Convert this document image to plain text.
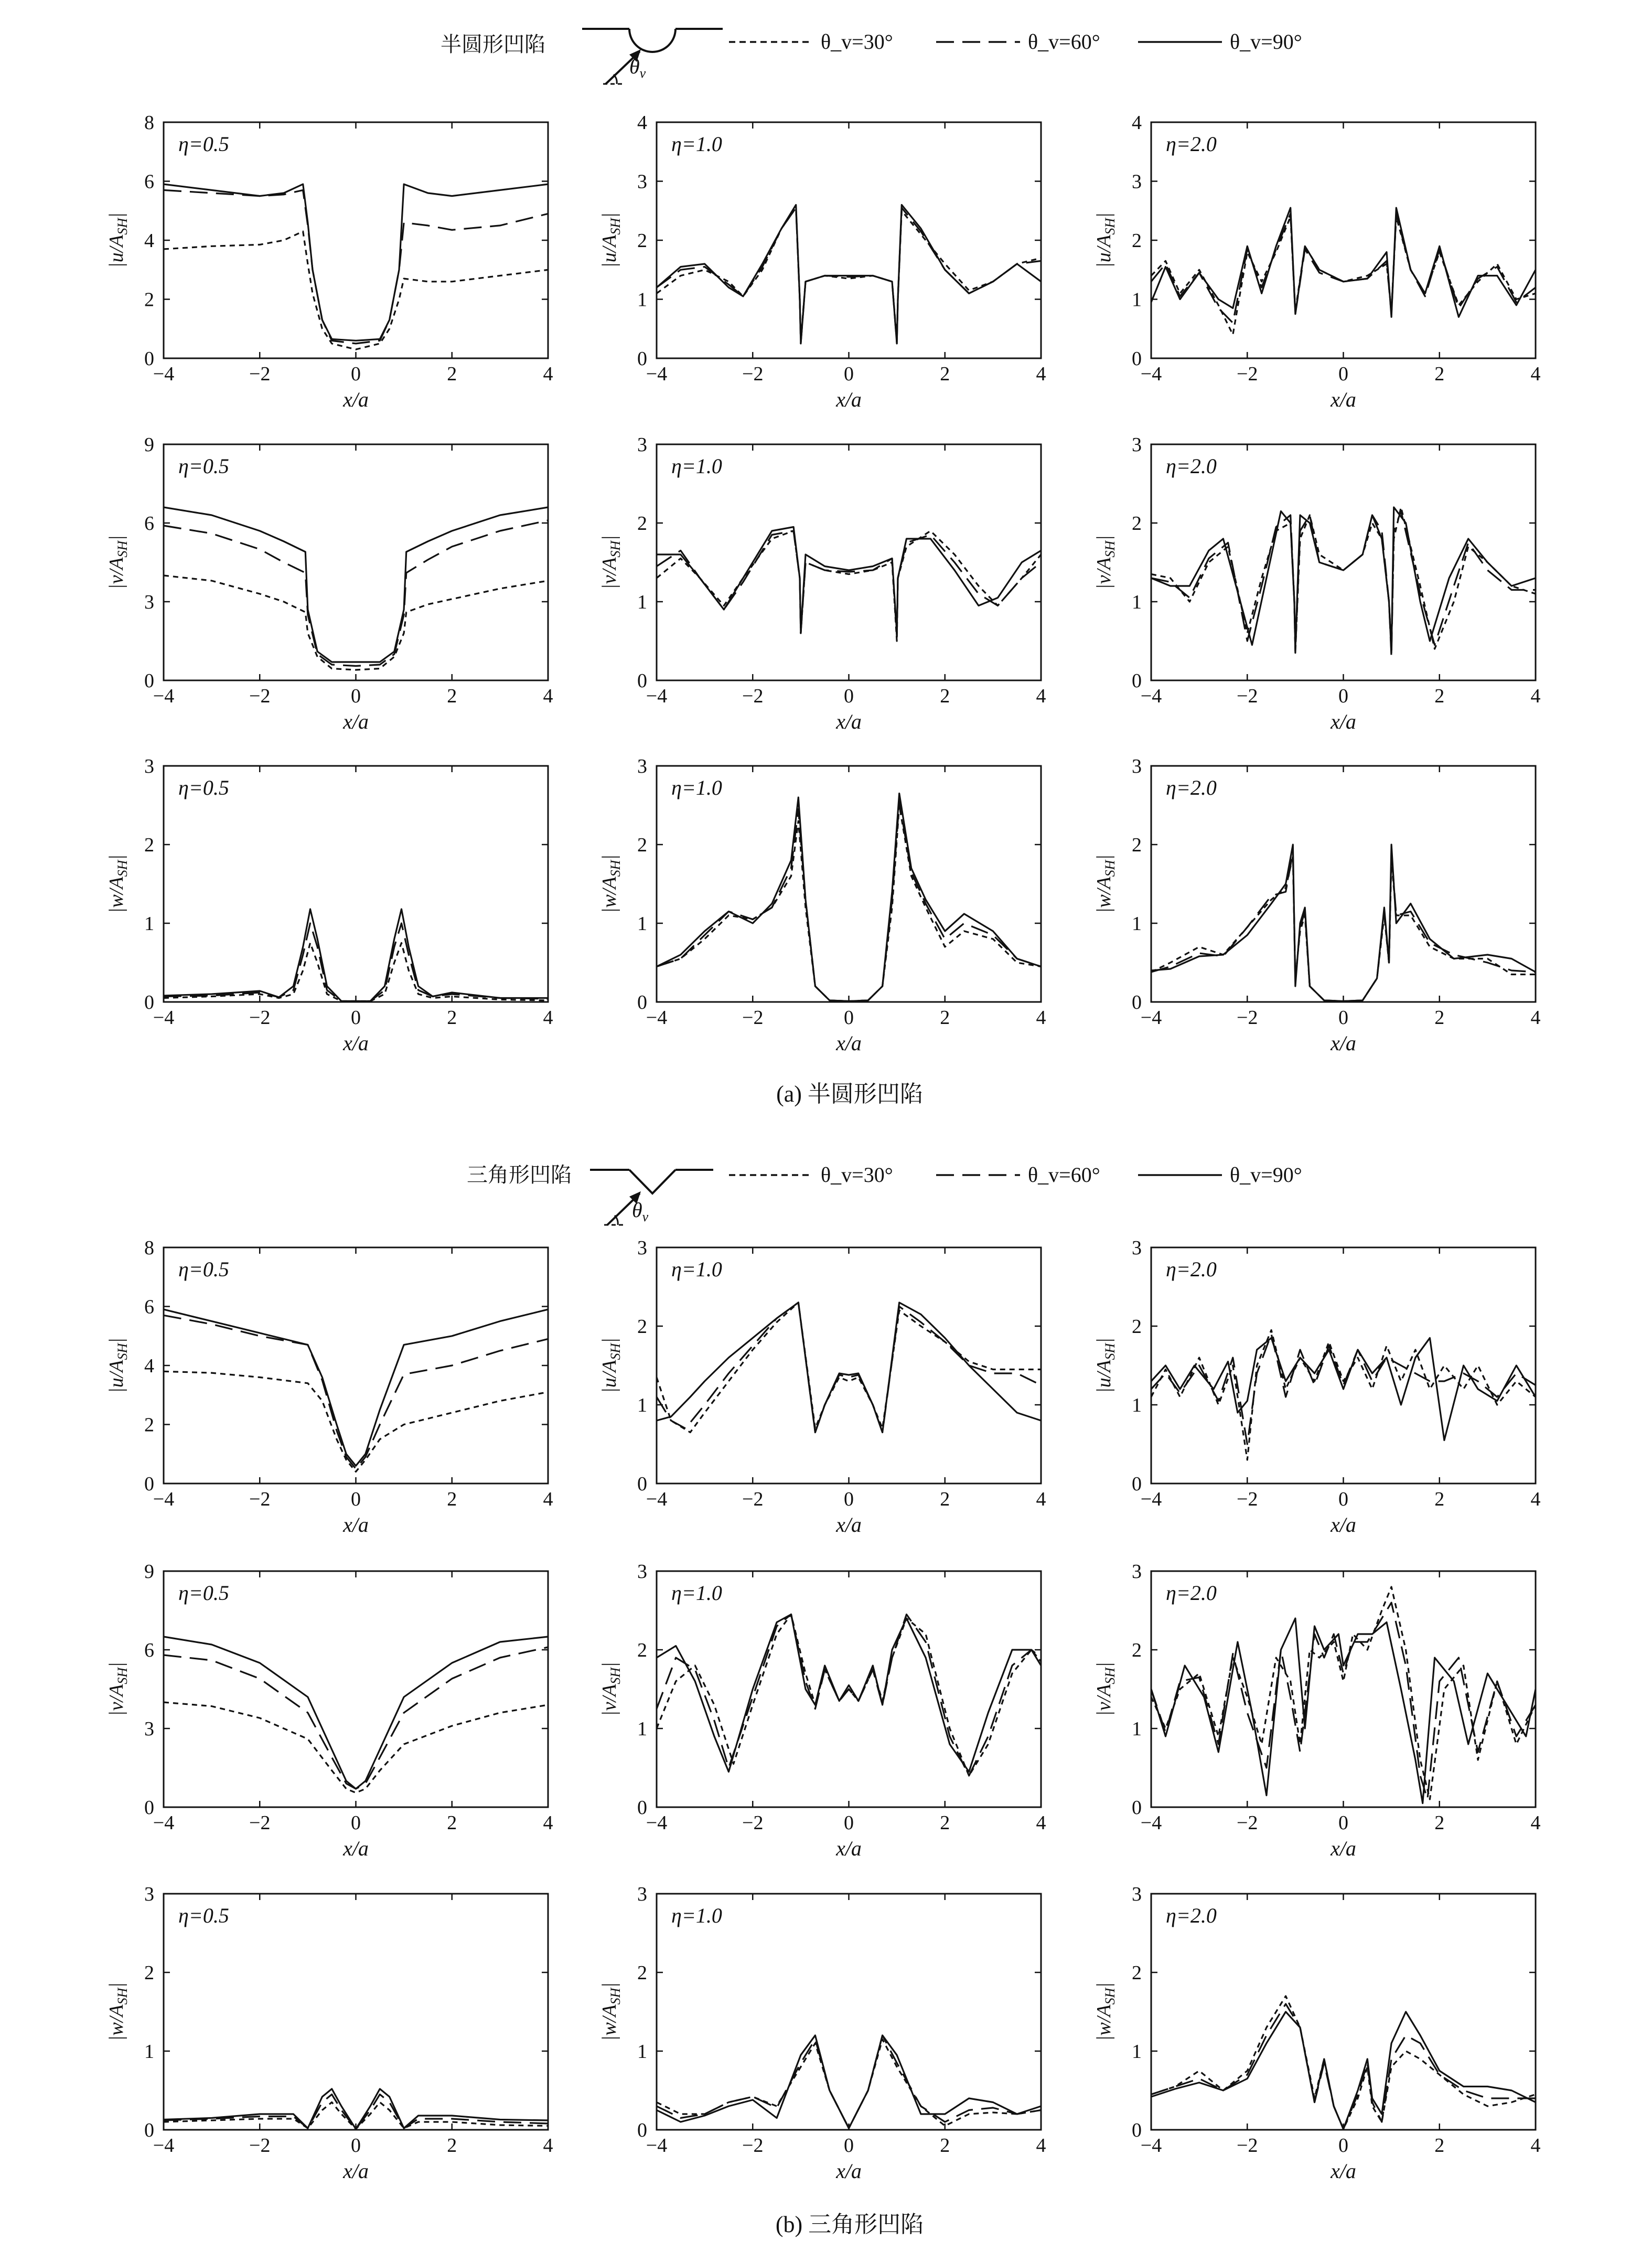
半圆形凹陷
$\theta_v$
θ_v=30°	θ_v=60°	θ_v=90°
三角形凹陷
$\theta_v$
θ_v=30°	θ_v=60°	θ_v=90°
−4	−2	0	2	4
0
2
4
6
8
x/a
$|u/A_{SH}|$
η=0.5
−4	−2	0	2	4
0
1
2
3
4
x/a
$|u/A_{SH}|$
η=1.0
−4	−2	0	2	4
0
1
2
3
4
x/a
$|u/A_{SH}|$
η=2.0
−4	−2	0	2	4
0
3
6
9
x/a
$|v/A_{SH}|$
η=0.5
−4	−2	0	2	4
0
1
2
3
x/a
$|v/A_{SH}|$
η=1.0
−4	−2	0	2	4
0
1
2
3
x/a
$|v/A_{SH}|$
η=2.0
−4	−2	0	2	4
0
1
2
3
x/a
$|w/A_{SH}|$
η=0.5
−4	−2	0	2	4
0
1
2
3
x/a
$|w/A_{SH}|$
η=1.0
−4	−2	0	2	4
0
1
2
3
x/a
$|w/A_{SH}|$
η=2.0
−4	−2	0	2	4
0
2
4
6
8
x/a
$|u/A_{SH}|$
η=0.5
−4	−2	0	2	4
0
1
2
3
x/a
$|u/A_{SH}|$
η=1.0
−4	−2	0	2	4
0
1
2
3
x/a
$|u/A_{SH}|$
η=2.0
−4	−2	0	2	4
0
3
6
9
x/a
$|v/A_{SH}|$
η=0.5
−4	−2	0	2	4
0
1
2
3
x/a
$|v/A_{SH}|$
η=1.0
−4	−2	0	2	4
0
1
2
3
x/a
$|v/A_{SH}|$
η=2.0
−4	−2	0	2	4
0
1
2
3
x/a
$|w/A_{SH}|$
η=0.5
−4	−2	0	2	4
0
1
2
3
x/a
$|w/A_{SH}|$
η=1.0
−4	−2	0	2	4
0
1
2
3
x/a
$|w/A_{SH}|$
η=2.0
(a) 半圆形凹陷
(b) 三角形凹陷
